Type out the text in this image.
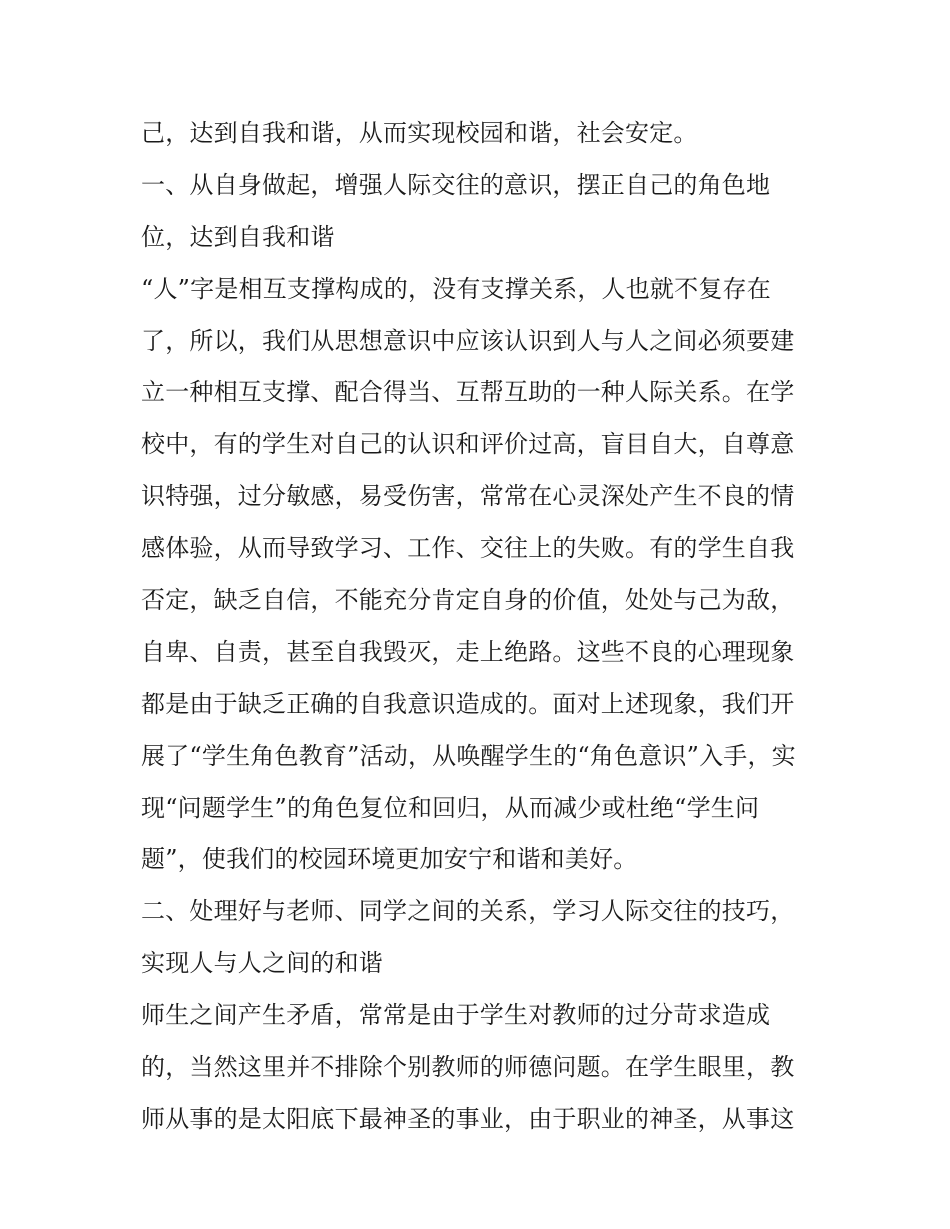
己，达到自我和谐，从而实现校园和谐，社会安定。
一、从自身做起，增强人际交往的意识，摆正自己的角色地
位，达到自我和谐
“人”字是相互支撑构成的，没有支撑关系，人也就不复存在
了，所以，我们从思想意识中应该认识到人与人之间必须要建
立一种相互支撑、配合得当、互帮互助的一种人际关系。在学
校中，有的学生对自己的认识和评价过高，盲目自大，自尊意
识特强，过分敏感，易受伤害，常常在心灵深处产生不良的情
感体验，从而导致学习、工作、交往上的失败。有的学生自我
否定，缺乏自信，不能充分肯定自身的价值，处处与己为敌，
自卑、自责，甚至自我毁灭，走上绝路。这些不良的心理现象
都是由于缺乏正确的自我意识造成的。面对上述现象，我们开
展了“学生角色教育”活动，从唤醒学生的“角色意识”入手，实
现“问题学生”的角色复位和回归，从而减少或杜绝“学生问
题”，使我们的校园环境更加安宁和谐和美好。
二、处理好与老师、同学之间的关系，学习人际交往的技巧，
实现人与人之间的和谐
师生之间产生矛盾，常常是由于学生对教师的过分苛求造成
的，当然这里并不排除个别教师的师德问题。在学生眼里，教
师从事的是太阳底下最神圣的事业，由于职业的神圣，从事这
